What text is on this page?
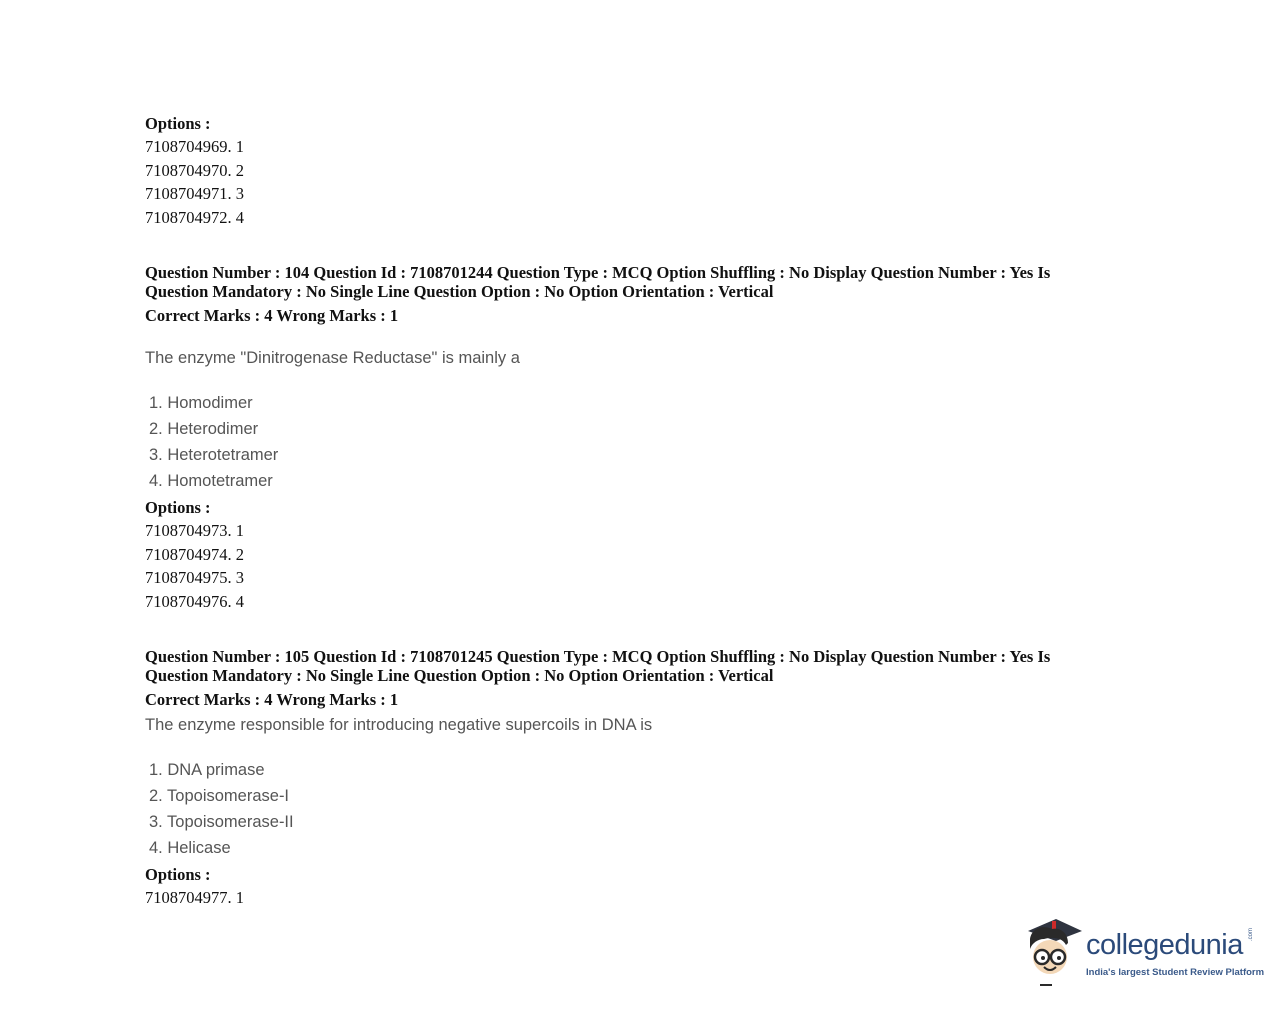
Options :
7108704969. 1
7108704970. 2
7108704971. 3
7108704972. 4
Question Number : 104 Question Id : 7108701244 Question Type : MCQ Option Shuffling : No Display Question Number : Yes Is
Question Mandatory : No Single Line Question Option : No Option Orientation : Vertical
Correct Marks : 4 Wrong Marks : 1
The enzyme "Dinitrogenase Reductase" is mainly a
1. Homodimer
2. Heterodimer
3. Heterotetramer
4. Homotetramer
Options :
7108704973. 1
7108704974. 2
7108704975. 3
7108704976. 4
Question Number : 105 Question Id : 7108701245 Question Type : MCQ Option Shuffling : No Display Question Number : Yes Is
Question Mandatory : No Single Line Question Option : No Option Orientation : Vertical
Correct Marks : 4 Wrong Marks : 1
The enzyme responsible for introducing negative supercoils in DNA is
1. DNA primase
2. Topoisomerase-I
3. Topoisomerase-II
4. Helicase
Options :
7108704977. 1
collegedunia .com
India's largest Student Review Platform
